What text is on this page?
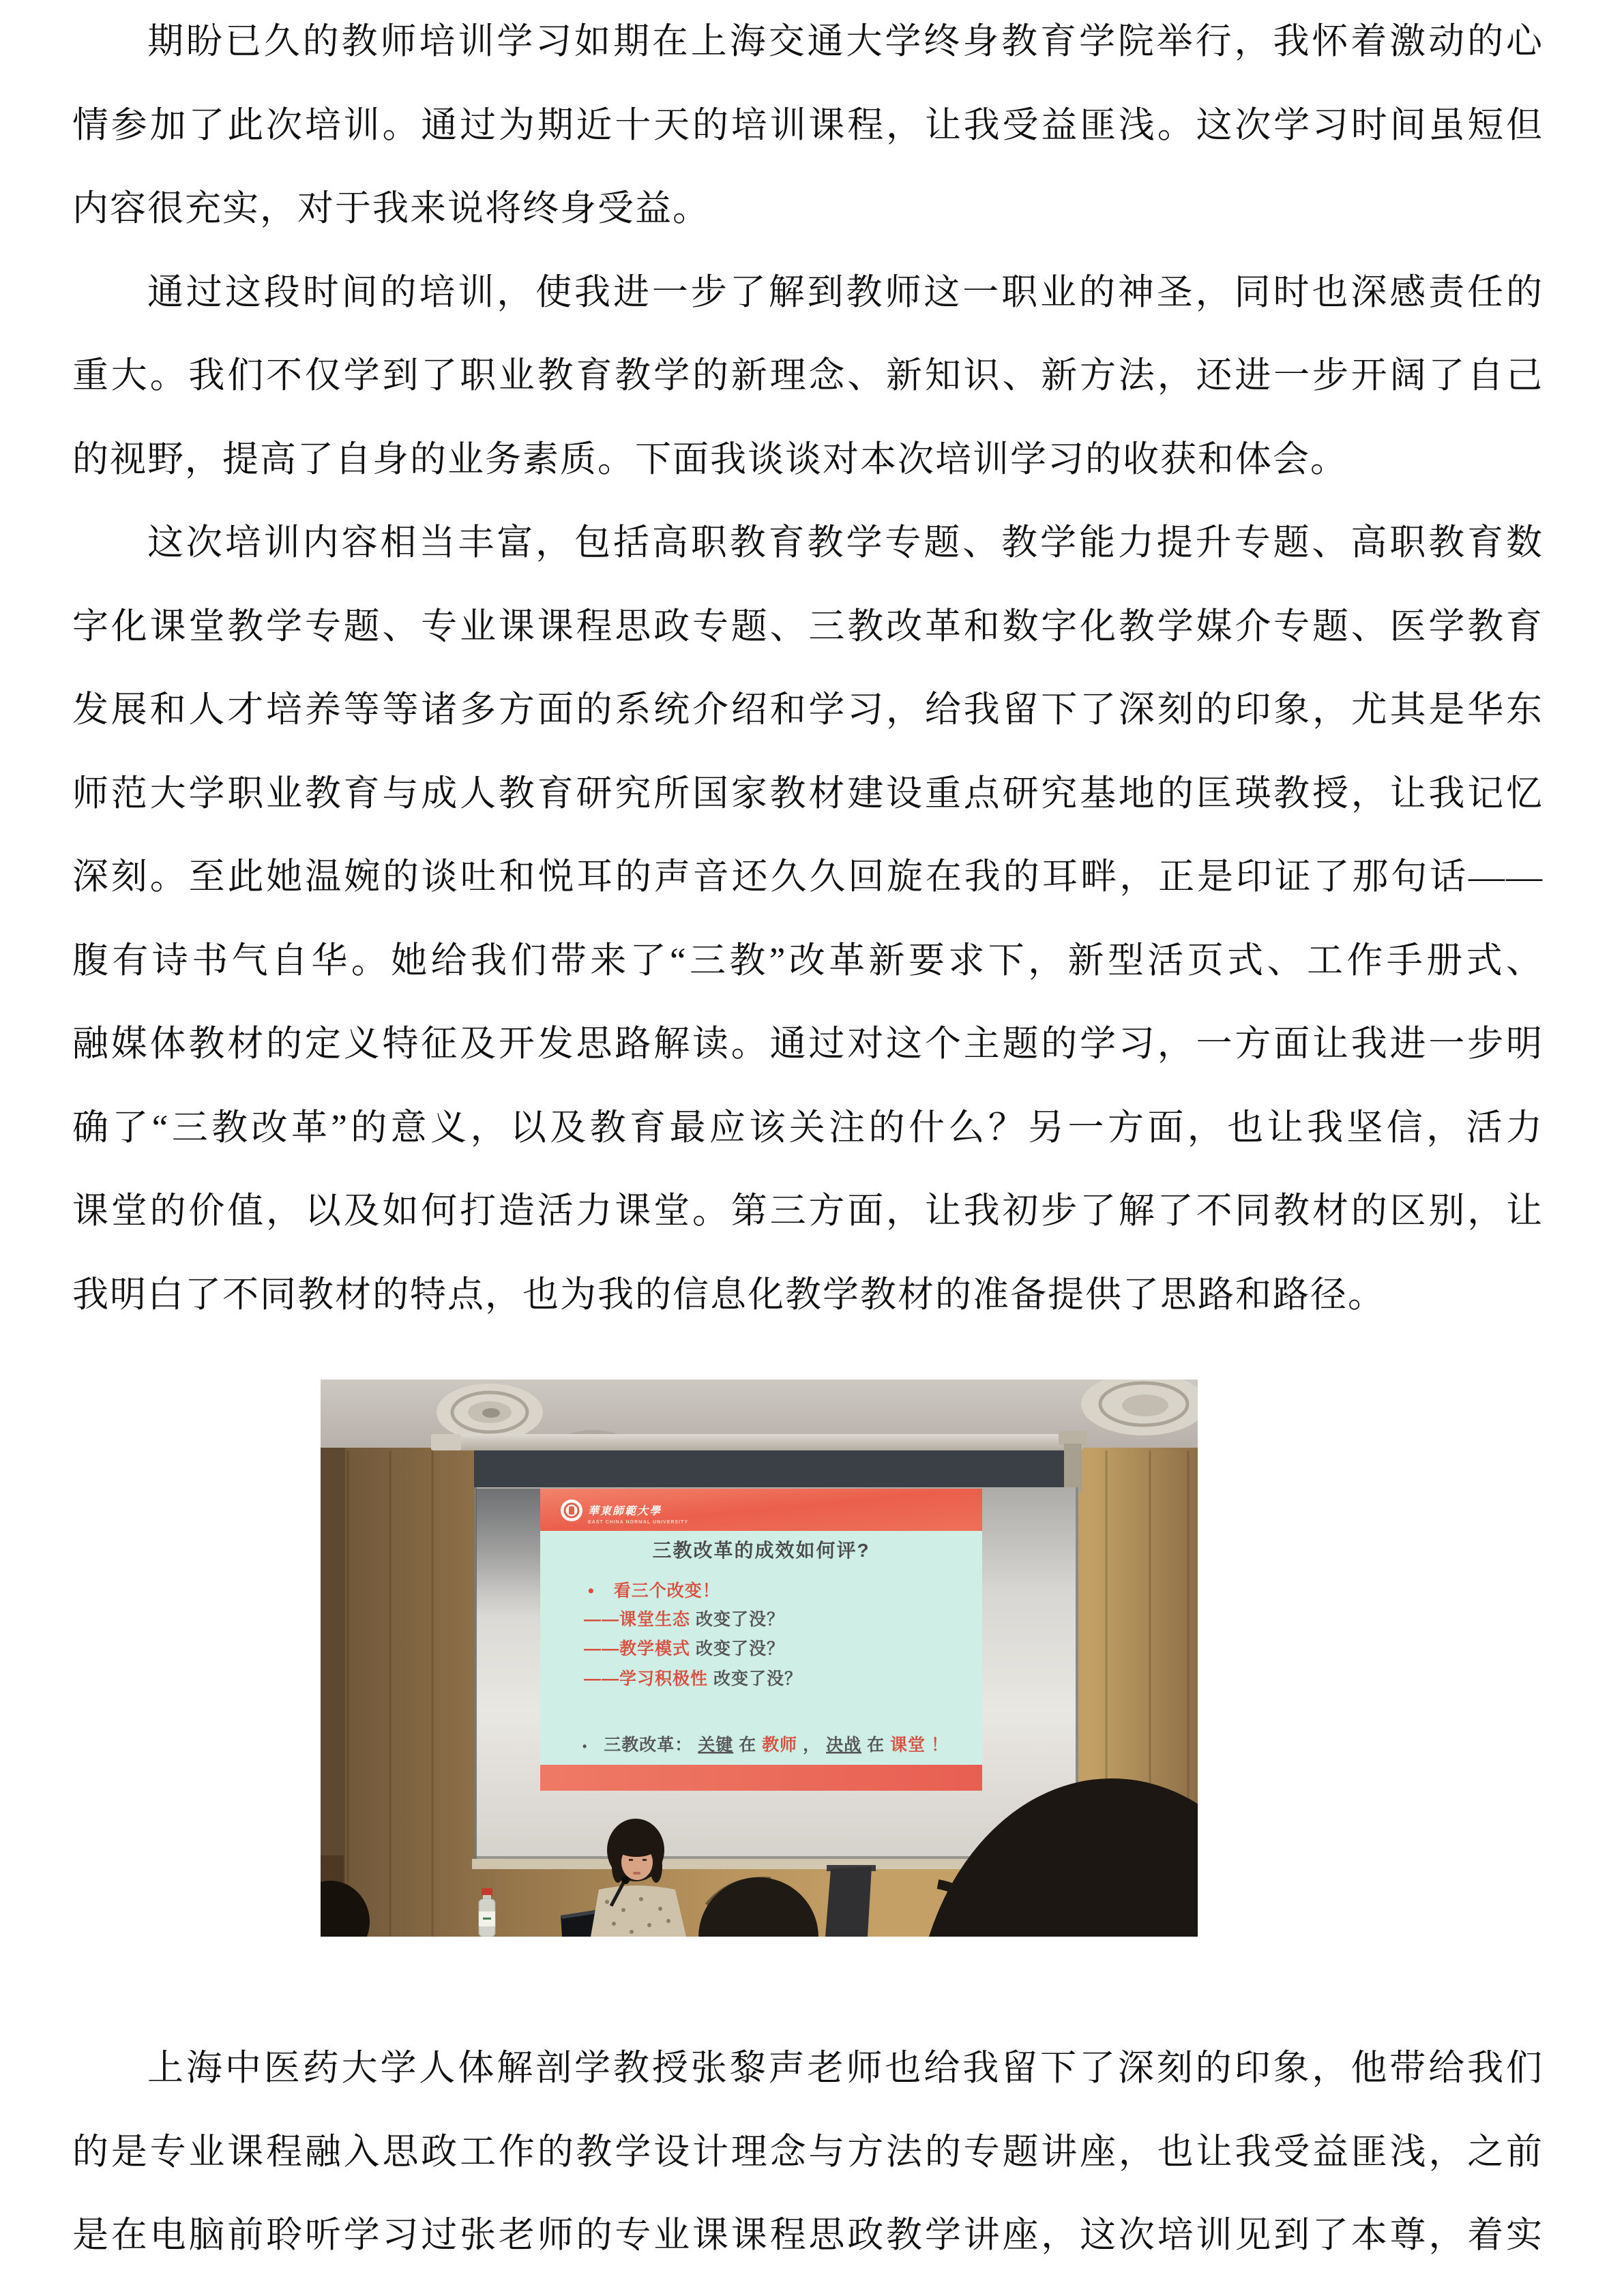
期盼已久的教师培训学习如期在上海交通大学终身教育学院举行，我怀着激动的心
情参加了此次培训。通过为期近十天的培训课程，让我受益匪浅。这次学习时间虽短但
内容很充实，对于我来说将终身受益。
通过这段时间的培训，使我进一步了解到教师这一职业的神圣，同时也深感责任的
重大。我们不仅学到了职业教育教学的新理念、新知识、新方法，还进一步开阔了自己
的视野，提高了自身的业务素质。下面我谈谈对本次培训学习的收获和体会。
这次培训内容相当丰富，包括高职教育教学专题、教学能力提升专题、高职教育数
字化课堂教学专题、专业课课程思政专题、三教改革和数字化教学媒介专题、医学教育
发展和人才培养等等诸多方面的系统介绍和学习，给我留下了深刻的印象，尤其是华东
师范大学职业教育与成人教育研究所国家教材建设重点研究基地的匡瑛教授，让我记忆
深刻。至此她温婉的谈吐和悦耳的声音还久久回旋在我的耳畔，正是印证了那句话——
腹有诗书气自华。她给我们带来了“三教”改革新要求下，新型活页式、工作手册式、
融媒体教材的定义特征及开发思路解读。通过对这个主题的学习，一方面让我进一步明
确了“三教改革”的意义，以及教育最应该关注的什么？另一方面，也让我坚信，活力
课堂的价值，以及如何打造活力课堂。第三方面，让我初步了解了不同教材的区别，让
我明白了不同教材的特点，也为我的信息化教学教材的准备提供了思路和路径。
華東師範大學
EAST CHINA NORMAL UNIVERSITY
三教改革的成效如何评?
• 看三个改变！
——课堂生态 改变了没？
——教学模式 改变了没？
——学习积极性 改变了没？
• 三教改革： 关键 在 教师 ， 决战 在 课堂 ！
上海中医药大学人体解剖学教授张黎声老师也给我留下了深刻的印象，他带给我们
的是专业课程融入思政工作的教学设计理念与方法的专题讲座，也让我受益匪浅，之前
是在电脑前聆听学习过张老师的专业课课程思政教学讲座，这次培训见到了本尊，着实
